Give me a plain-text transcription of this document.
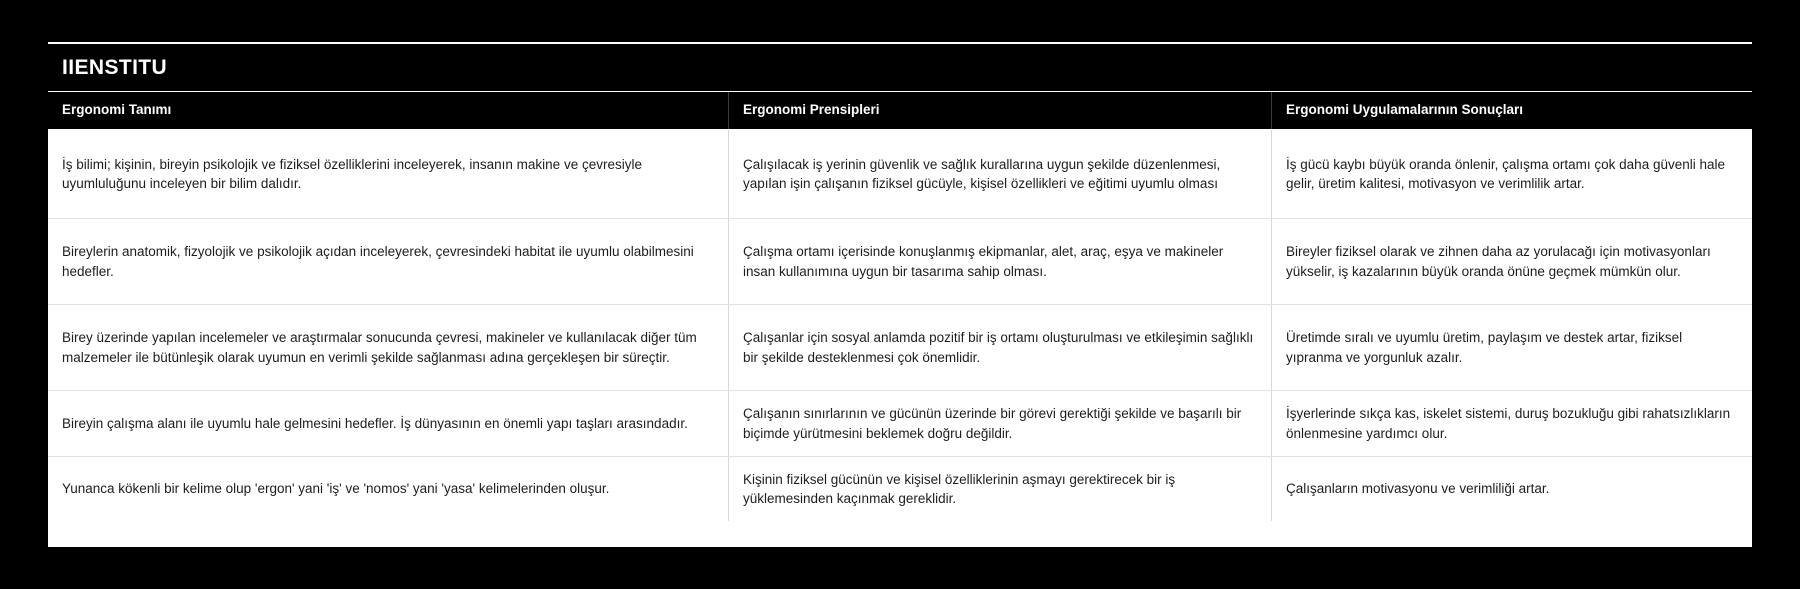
IIENSTITU
Ergonomi Tanımı	Ergonomi Prensipleri	Ergonomi Uygulamalarının Sonuçları
İş bilimi; kişinin, bireyin psikolojik ve fiziksel özelliklerini inceleyerek, insanın makine ve çevresiyle uyumluluğunu inceleyen bir bilim dalıdır.
Çalışılacak iş yerinin güvenlik ve sağlık kurallarına uygun şekilde düzenlenmesi, yapılan işin çalışanın fiziksel gücüyle, kişisel özellikleri ve eğitimi uyumlu olması
İş gücü kaybı büyük oranda önlenir, çalışma ortamı çok daha güvenli hale gelir, üretim kalitesi, motivasyon ve verimlilik artar.
Bireylerin anatomik, fizyolojik ve psikolojik açıdan inceleyerek, çevresindeki habitat ile uyumlu olabilmesini hedefler.
Çalışma ortamı içerisinde konuşlanmış ekipmanlar, alet, araç, eşya ve makineler insan kullanımına uygun bir tasarıma sahip olması.
Bireyler fiziksel olarak ve zihnen daha az yorulacağı için motivasyonları yükselir, iş kazalarının büyük oranda önüne geçmek mümkün olur.
Birey üzerinde yapılan incelemeler ve araştırmalar sonucunda çevresi, makineler ve kullanılacak diğer tüm malzemeler ile bütünleşik olarak uyumun en verimli şekilde sağlanması adına gerçekleşen bir süreçtir.
Çalışanlar için sosyal anlamda pozitif bir iş ortamı oluşturulması ve etkileşimin sağlıklı bir şekilde desteklenmesi çok önemlidir.
Üretimde sıralı ve uyumlu üretim, paylaşım ve destek artar, fiziksel yıpranma ve yorgunluk azalır.
Bireyin çalışma alanı ile uyumlu hale gelmesini hedefler. İş dünyasının en önemli yapı taşları arasındadır.
Çalışanın sınırlarının ve gücünün üzerinde bir görevi gerektiği şekilde ve başarılı bir biçimde yürütmesini beklemek doğru değildir.
İşyerlerinde sıkça kas, iskelet sistemi, duruş bozukluğu gibi rahatsızlıkların önlenmesine yardımcı olur.
Yunanca kökenli bir kelime olup 'ergon' yani 'iş' ve 'nomos' yani 'yasa' kelimelerinden oluşur.
Kişinin fiziksel gücünün ve kişisel özelliklerinin aşmayı gerektirecek bir iş yüklemesinden kaçınmak gereklidir.
Çalışanların motivasyonu ve verimliliği artar.
